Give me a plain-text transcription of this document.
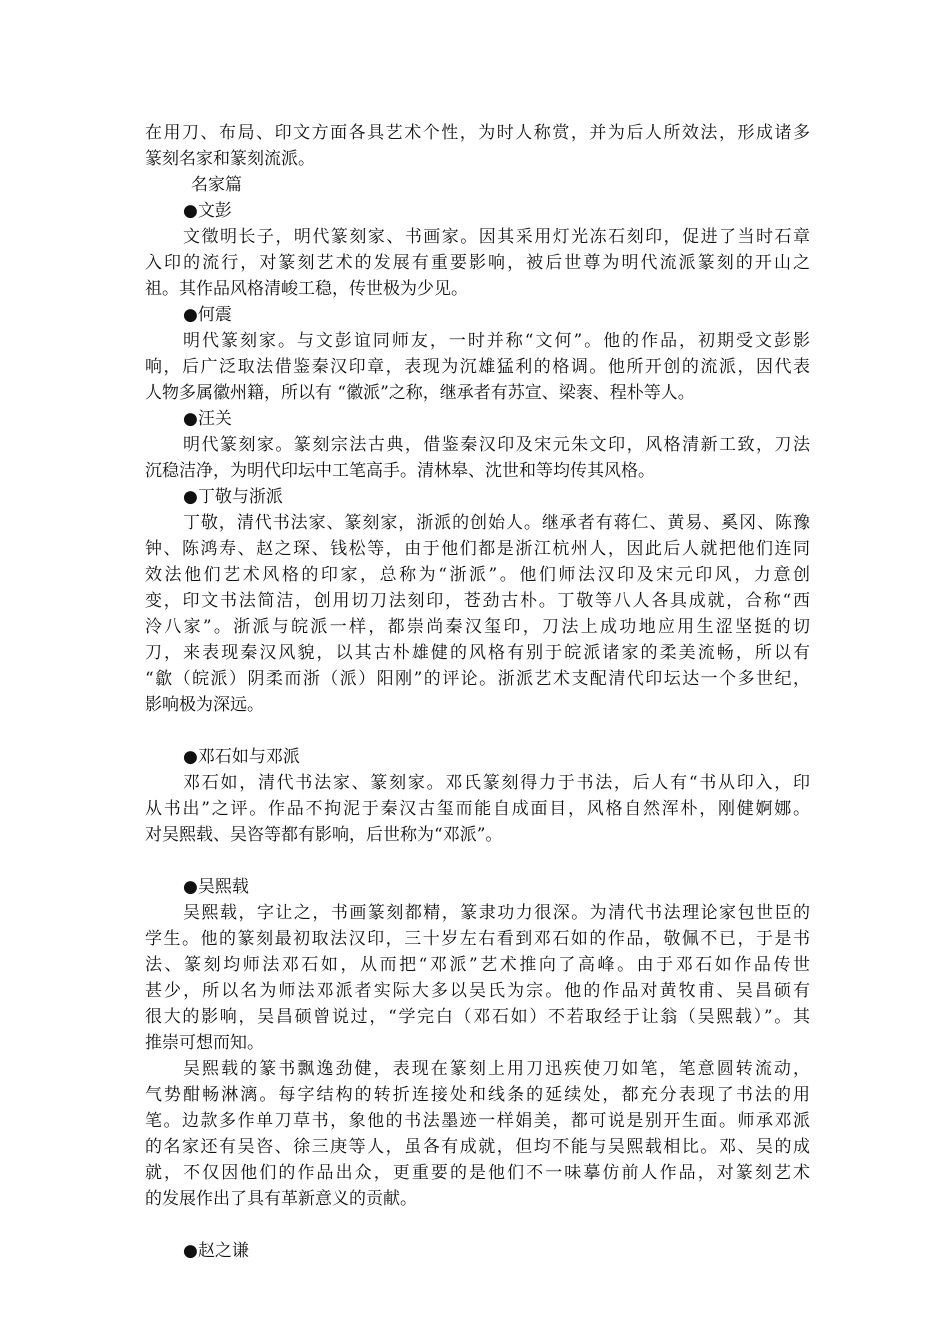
在用刀、布局、印文方面各具艺术个性，为时人称赏，并为后人所效法，形成诸多
篆刻名家和篆刻流派。
名家篇
●文彭
文徵明长子，明代篆刻家、书画家。因其采用灯光冻石刻印，促进了当时石章
入印的流行，对篆刻艺术的发展有重要影响，被后世尊为明代流派篆刻的开山之
祖。其作品风格清峻工稳，传世极为少见。
●何震
明代篆刻家。与文彭谊同师友，一时并称“文何”。他的作品，初期受文彭影
响，后广泛取法借鉴秦汉印章，表现为沉雄猛利的格调。他所开创的流派，因代表
人物多属徽州籍，所以有 “徽派”之称，继承者有苏宣、梁袠、程朴等人。
●汪关
明代篆刻家。篆刻宗法古典，借鉴秦汉印及宋元朱文印，风格清新工致，刀法
沉稳洁净，为明代印坛中工笔高手。清林皋、沈世和等均传其风格。
●丁敬与浙派
丁敬，清代书法家、篆刻家，浙派的创始人。继承者有蒋仁、黄易、奚冈、陈豫
钟、陈鸿寿、赵之琛、钱松等，由于他们都是浙江杭州人，因此后人就把他们连同
效法他们艺术风格的印家，总称为“浙派”。他们师法汉印及宋元印风，力意创
变，印文书法简洁，创用切刀法刻印，苍劲古朴。丁敬等八人各具成就，合称“西
泠八家”。浙派与皖派一样，都崇尚秦汉玺印，刀法上成功地应用生涩坚挺的切
刀，来表现秦汉风貌，以其古朴雄健的风格有别于皖派诸家的柔美流畅，所以有
“歙（皖派）阴柔而浙（派）阳刚”的评论。浙派艺术支配清代印坛达一个多世纪，
影响极为深远。
●邓石如与邓派
邓石如，清代书法家、篆刻家。邓氏篆刻得力于书法，后人有“书从印入，印
从书出”之评。作品不拘泥于秦汉古玺而能自成面目，风格自然浑朴，刚健婀娜。
对吴熙载、吴咨等都有影响，后世称为“邓派”。
●吴熙载
吴熙载，字让之，书画篆刻都精，篆隶功力很深。为清代书法理论家包世臣的
学生。他的篆刻最初取法汉印，三十岁左右看到邓石如的作品，敬佩不已，于是书
法、篆刻均师法邓石如，从而把“邓派”艺术推向了高峰。由于邓石如作品传世
甚少，所以名为师法邓派者实际大多以吴氏为宗。他的作品对黄牧甫、吴昌硕有
很大的影响，吴昌硕曾说过，“学完白（邓石如）不若取经于让翁（吴熙载）”。其
推崇可想而知。
吴熙载的篆书飘逸劲健，表现在篆刻上用刀迅疾使刀如笔，笔意圆转流动，
气势酣畅淋漓。每字结构的转折连接处和线条的延续处，都充分表现了书法的用
笔。边款多作单刀草书，象他的书法墨迹一样娟美，都可说是别开生面。师承邓派
的名家还有吴咨、徐三庚等人，虽各有成就，但均不能与吴熙载相比。邓、吴的成
就，不仅因他们的作品出众，更重要的是他们不一味摹仿前人作品，对篆刻艺术
的发展作出了具有革新意义的贡献。
●赵之谦
